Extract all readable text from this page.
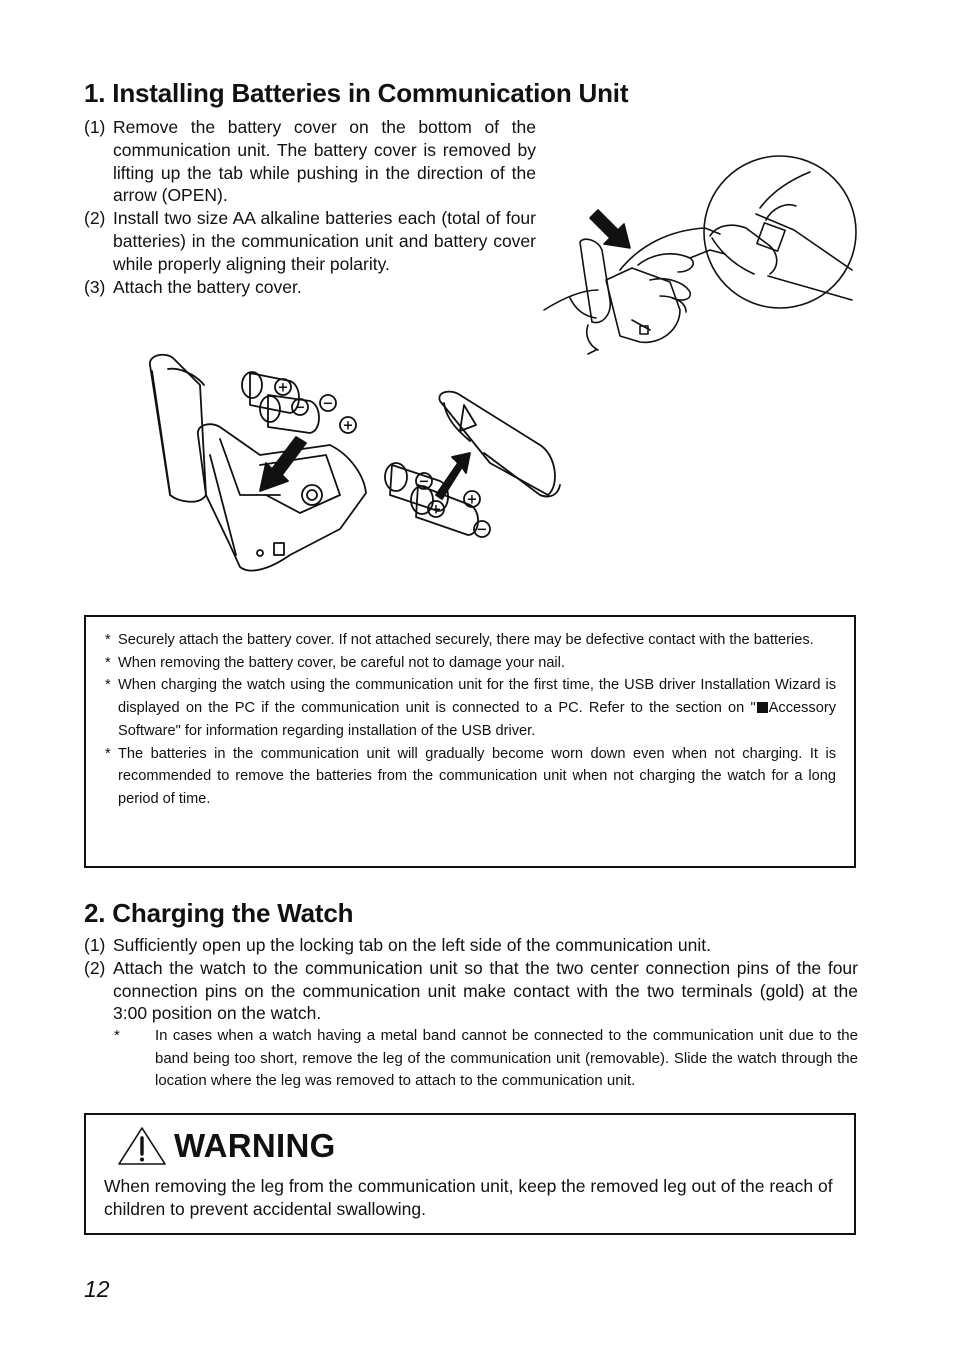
1. Installing Batteries in Communication Unit
(1) Remove the battery cover on the bottom of the communication unit. The battery cover is removed by lifting up the tab while pushing in the direction of the arrow (OPEN).
(2) Install two size AA alkaline batteries each (total of four batteries) in the communication unit and battery cover while properly aligning their polarity.
(3) Attach the battery cover.
+
− −
+
−
+
+
−
* Securely attach the battery cover. If not attached securely, there may be defective contact with the batteries.
* When removing the battery cover, be careful not to damage your nail.
* When charging the watch using the communication unit for the first time, the USB driver Installation Wizard is displayed on the PC if the communication unit is connected to a PC. Refer to the section on " Accessory Software" for information regarding installation of the USB driver.
* The batteries in the communication unit will gradually become worn down even when not charging. It is recommended to remove the batteries from the communication unit when not charging the watch for a long period of time.
2. Charging the Watch
(1) Sufficiently open up the locking tab on the left side of the communication unit.
(2) Attach the watch to the communication unit so that the two center connection pins of the four connection pins on the communication unit make contact with the two terminals (gold) at the 3:00 position on the watch.
* In cases when a watch having a metal band cannot be connected to the communication unit due to the band being too short, remove the leg of the communication unit (removable). Slide the watch through the location where the leg was removed to attach to the communication unit.
WARNING
When removing the leg from the communication unit, keep the removed leg out of the reach of children to prevent accidental swallowing.
12
